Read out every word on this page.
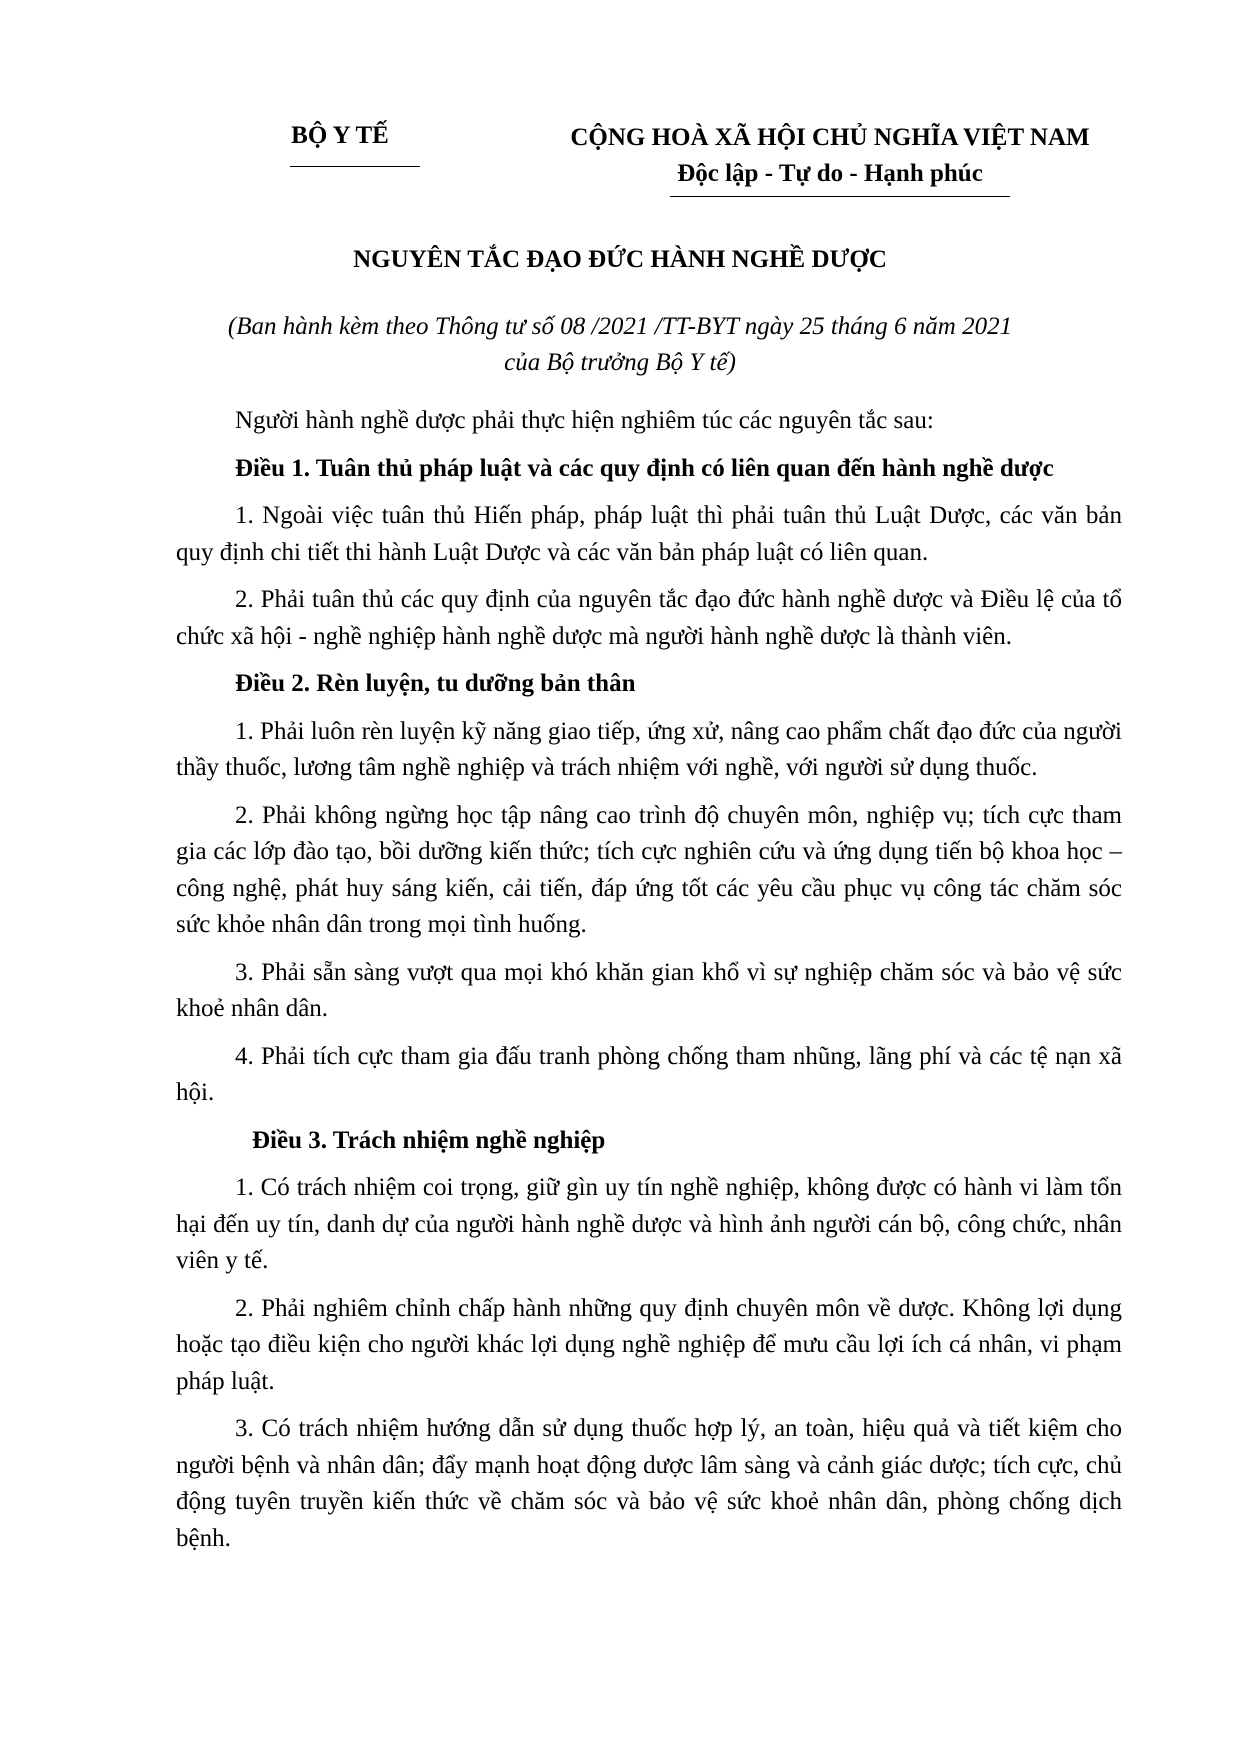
BỘ Y TẾ	CỘNG HOÀ XÃ HỘI CHỦ NGHĨA VIỆT NAM
Độc lập - Tự do - Hạnh phúc
NGUYÊN TẮC ĐẠO ĐỨC HÀNH NGHỀ DƯỢC
(Ban hành kèm theo Thông tư số 08 /2021 /TT-BYT ngày 25 tháng 6 năm 2021
của Bộ trưởng Bộ Y tế)

Người hành nghề dược phải thực hiện nghiêm túc các nguyên tắc sau:

Điều 1. Tuân thủ pháp luật và các quy định có liên quan đến hành nghề dược

1. Ngoài việc tuân thủ Hiến pháp, pháp luật thì phải tuân thủ Luật Dược, các văn bản quy định chi tiết thi hành Luật Dược và các văn bản pháp luật có liên quan.

2. Phải tuân thủ các quy định của nguyên tắc đạo đức hành nghề dược và Điều lệ của tổ chức xã hội - nghề nghiệp hành nghề dược mà người hành nghề dược là thành viên.

Điều 2. Rèn luyện, tu dưỡng bản thân

1. Phải luôn rèn luyện kỹ năng giao tiếp, ứng xử, nâng cao phẩm chất đạo đức của người thầy thuốc, lương tâm nghề nghiệp và trách nhiệm với nghề, với người sử dụng thuốc.

2. Phải không ngừng học tập nâng cao trình độ chuyên môn, nghiệp vụ; tích cực tham gia các lớp đào tạo, bồi dưỡng kiến thức; tích cực nghiên cứu và ứng dụng tiến bộ khoa học – công nghệ, phát huy sáng kiến, cải tiến, đáp ứng tốt các yêu cầu phục vụ công tác chăm sóc sức khỏe nhân dân trong mọi tình huống.

3. Phải sẵn sàng vượt qua mọi khó khăn gian khổ vì sự nghiệp chăm sóc và bảo vệ sức khoẻ nhân dân.

4. Phải tích cực tham gia đấu tranh phòng chống tham nhũng, lãng phí và các tệ nạn xã hội.

Điều 3. Trách nhiệm nghề nghiệp

1. Có trách nhiệm coi trọng, giữ gìn uy tín nghề nghiệp, không được có hành vi làm tổn hại đến uy tín, danh dự của người hành nghề dược và hình ảnh người cán bộ, công chức, nhân viên y tế.

2. Phải nghiêm chỉnh chấp hành những quy định chuyên môn về dược. Không lợi dụng hoặc tạo điều kiện cho người khác lợi dụng nghề nghiệp để mưu cầu lợi ích cá nhân, vi phạm pháp luật.

3. Có trách nhiệm hướng dẫn sử dụng thuốc hợp lý, an toàn, hiệu quả và tiết kiệm cho người bệnh và nhân dân; đẩy mạnh hoạt động dược lâm sàng và cảnh giác dược; tích cực, chủ động tuyên truyền kiến thức về chăm sóc và bảo vệ sức khoẻ nhân dân, phòng chống dịch bệnh.
